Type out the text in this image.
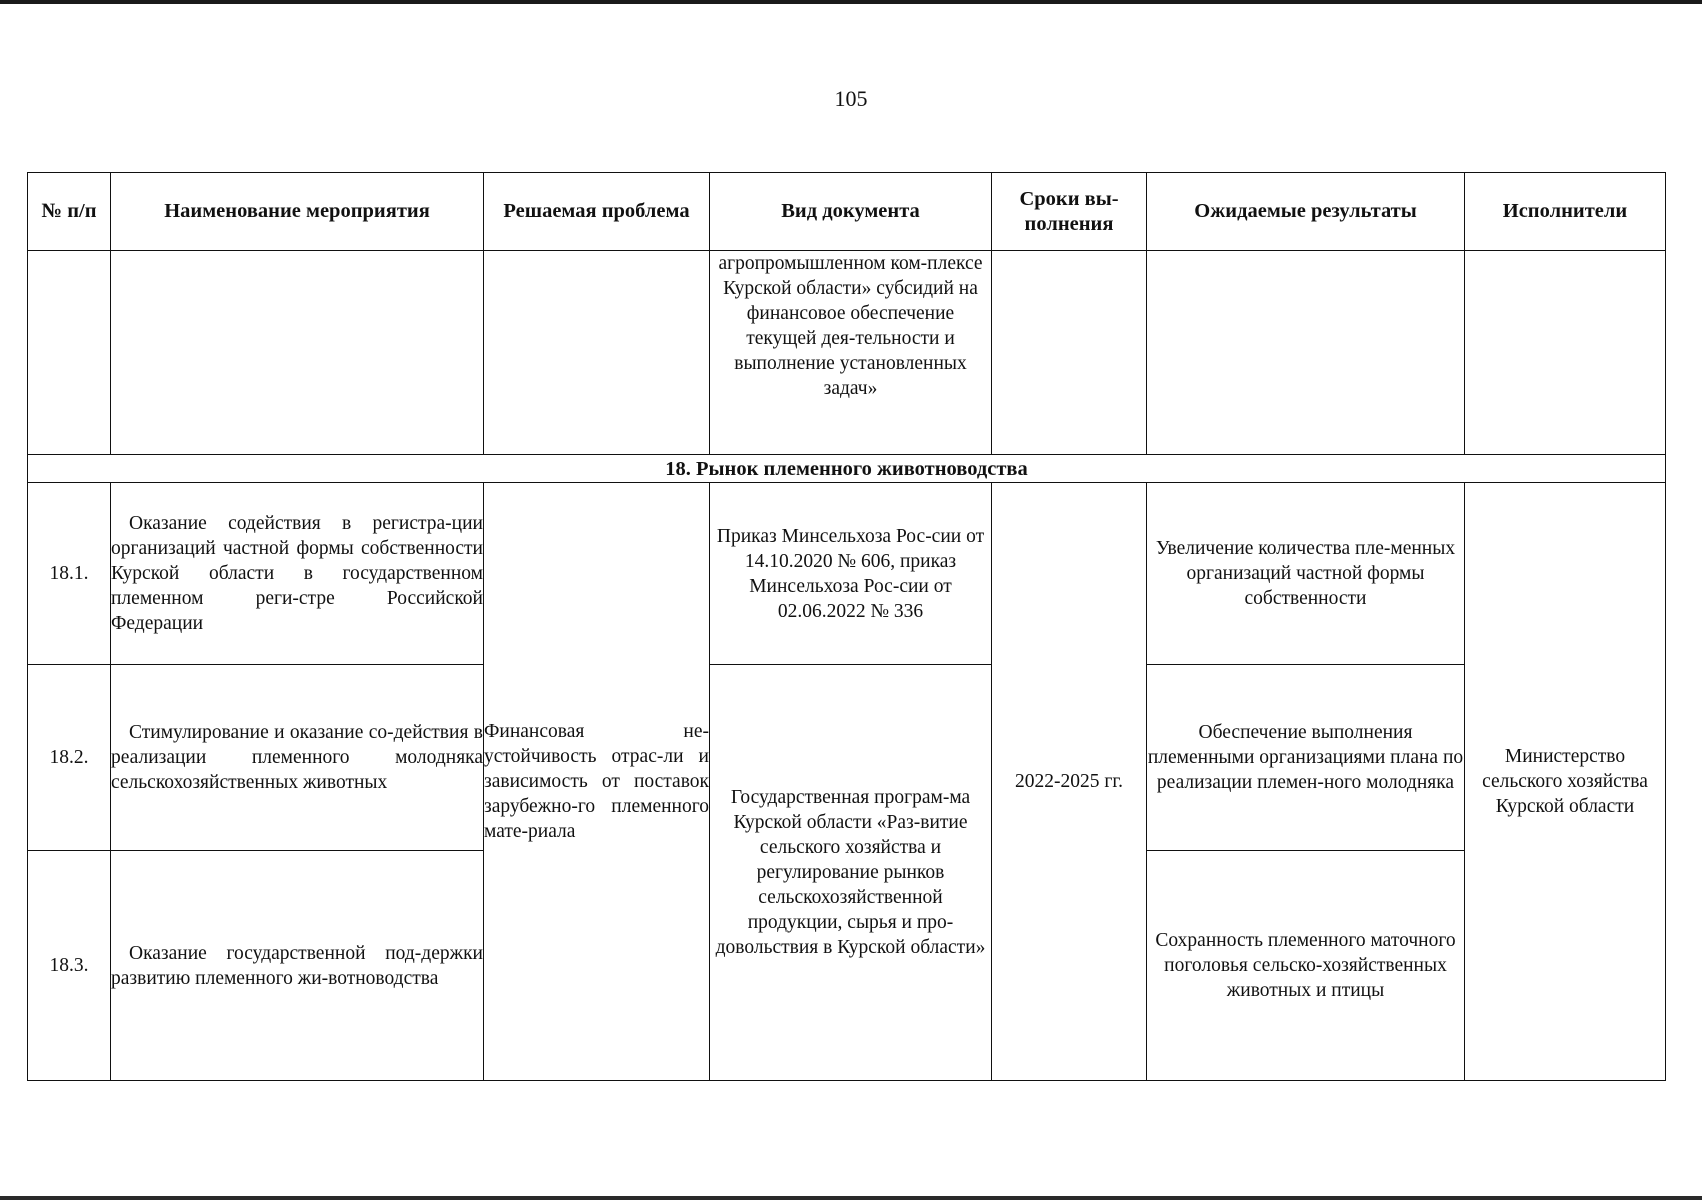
105
№ п/п	Наименование мероприятия	Решаемая проблема	Вид документа	Сроки вы-полнения	Ожидаемые результаты	Исполнители
			агропромышленном ком-плексе Курской области» субсидий на финансовое обеспечение текущей дея-тельности и выполнение установленных задач»			
18. Рынок племенного животноводства						
18.1.	Оказание содействия в регистра-ции организаций частной формы собственности Курской области в государственном племенном реги-стре Российской Федерации	Финансовая не-устойчивость отрас-ли и зависимость от поставок зарубежно-го племенного мате-риала	Приказ Минсельхоза Рос-сии от 14.10.2020 № 606, приказ Минсельхоза Рос-сии от 02.06.2022 № 336	2022-2025 гг.	Увеличение количества пле-менных организаций частной формы собственности	Министерство сельского хозяйства Курской области
18.2.	Стимулирование и оказание со-действия в реализации племенного молодняка сельскохозяйственных животных		Государственная програм-ма Курской области «Раз-витие сельского хозяйства и регулирование рынков сельскохозяйственной продукции, сырья и про-довольствия в Курской области»		Обеспечение выполнения племенными организациями плана по реализации племен-ного молодняка	
18.3.	Оказание государственной под-держки развитию племенного жи-вотноводства				Сохранность племенного маточного поголовья сельско-хозяйственных животных и птицы	
